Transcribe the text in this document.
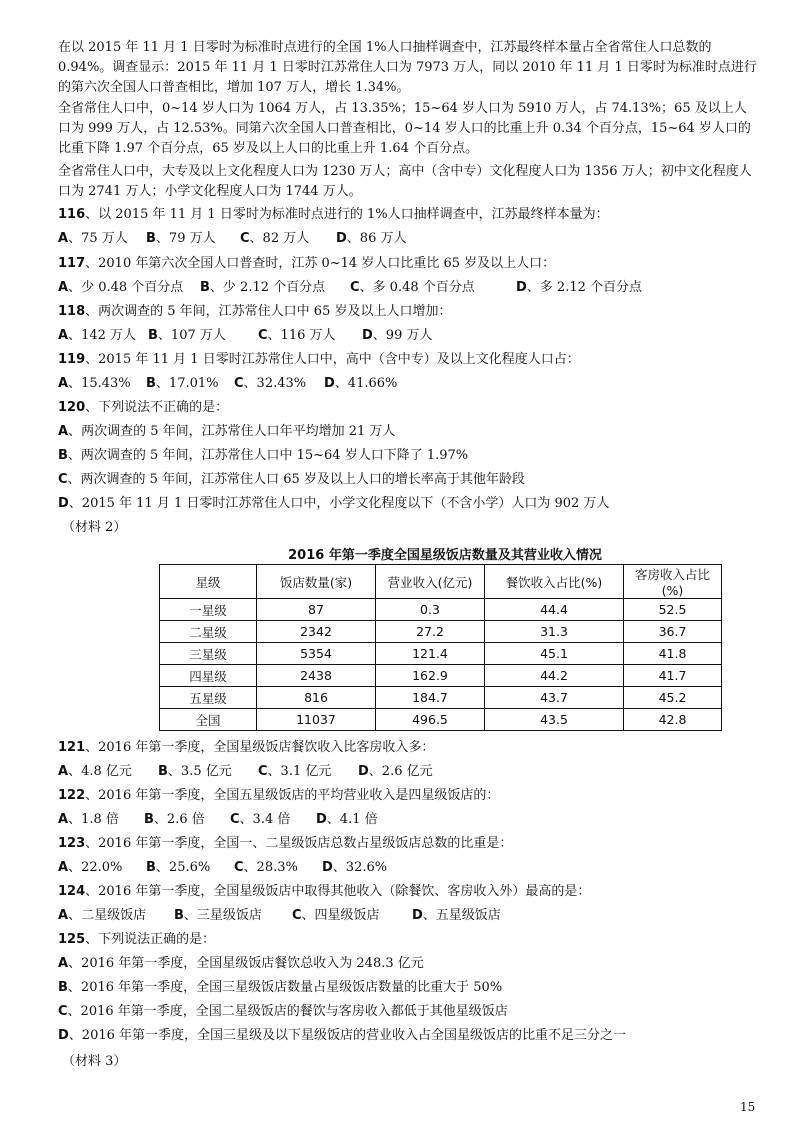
在以 2015 年 11 月 1 日零时为标准时点进行的全国 1%人口抽样调查中，江苏最终样本量占全省常住人口总数的 0.94%。调查显示：2015 年 11 月 1 日零时江苏常住人口为 7973 万人，同以 2010 年 11 月 1 日零时为标准时点进行的第六次全国人口普查相比，增加 107 万人，增长 1.34%。

全省常住人口中，0~14 岁人口为 1064 万人，占 13.35%；15~64 岁人口为 5910 万人，占 74.13%；65 及以上人口为 999 万人，占 12.53%。同第六次全国人口普查相比，0~14 岁人口的比重上升 0.34 个百分点，15~64 岁人口的比重下降 1.97 个百分点，65 岁及以上人口的比重上升 1.64 个百分点。

全省常住人口中，大专及以上文化程度人口为 1230 万人；高中（含中专）文化程度人口为 1356 万人；初中文化程度人口为 2741 万人；小学文化程度人口为 1744 万人。

116、以 2015 年 11 月 1 日零时为标准时点进行的 1%人口抽样调查中，江苏最终样本量为：
A、75 万人 B、79 万人 C、82 万人 D、86 万人
117、2010 年第六次全国人口普查时，江苏 0~14 岁人口比重比 65 岁及以上人口：
A、少 0.48 个百分点 B、少 2.12 个百分点 C、多 0.48 个百分点	D、多 2.12 个百分点
118、两次调查的 5 年间，江苏常住人口中 65 岁及以上人口增加：
A、142 万人 B、107 万人 C、116 万人 D、99 万人
119、2015 年 11 月 1 日零时江苏常住人口中，高中（含中专）及以上文化程度人口占：
A、15.43% B、17.01% C、32.43% D、41.66%
120、下列说法不正确的是：
A、两次调查的 5 年间，江苏常住人口年平均增加 21 万人
B、两次调查的 5 年间，江苏常住人口中 15~64 岁人口下降了 1.97%
C、两次调查的 5 年间，江苏常住人口 65 岁及以上人口的增长率高于其他年龄段
D、2015 年 11 月 1 日零时江苏常住人口中，小学文化程度以下（不含小学）人口为 902 万人
（材料 2）
2016 年第一季度全国星级饭店数量及其营业收入情况
星级	饭店数量(家)	营业收入(亿元)	餐饮收入占比(%)	客房收入占比(%)
一星级	87	0.3	44.4	52.5
二星级	2342	27.2	31.3	36.7
三星级	5354	121.4	45.1	41.8
四星级	2438	162.9	44.2	41.7
五星级	816	184.7	43.7	45.2
全国	11037	496.5	43.5	42.8
121、2016 年第一季度，全国星级饭店餐饮收入比客房收入多：
A、4.8 亿元 B、3.5 亿元 C、3.1 亿元 D、2.6 亿元
122、2016 年第一季度，全国五星级饭店的平均营业收入是四星级饭店的：
A、1.8 倍 B、2.6 倍 C、3.4 倍 D、4.1 倍
123、2016 年第一季度，全国一、二星级饭店总数占星级饭店总数的比重是：
A、22.0% B、25.6% C、28.3% D、32.6%
124、2016 年第一季度，全国星级饭店中取得其他收入（除餐饮、客房收入外）最高的是：
A、二星级饭店 B、三星级饭店 C、四星级饭店 D、五星级饭店
125、下列说法正确的是：
A、2016 年第一季度，全国星级饭店餐饮总收入为 248.3 亿元
B、2016 年第一季度，全国三星级饭店数量占星级饭店数量的比重大于 50%
C、2016 年第一季度，全国二星级饭店的餐饮与客房收入都低于其他星级饭店
D、2016 年第一季度，全国三星级及以下星级饭店的营业收入占全国星级饭店的比重不足三分之一
（材料 3）
15
